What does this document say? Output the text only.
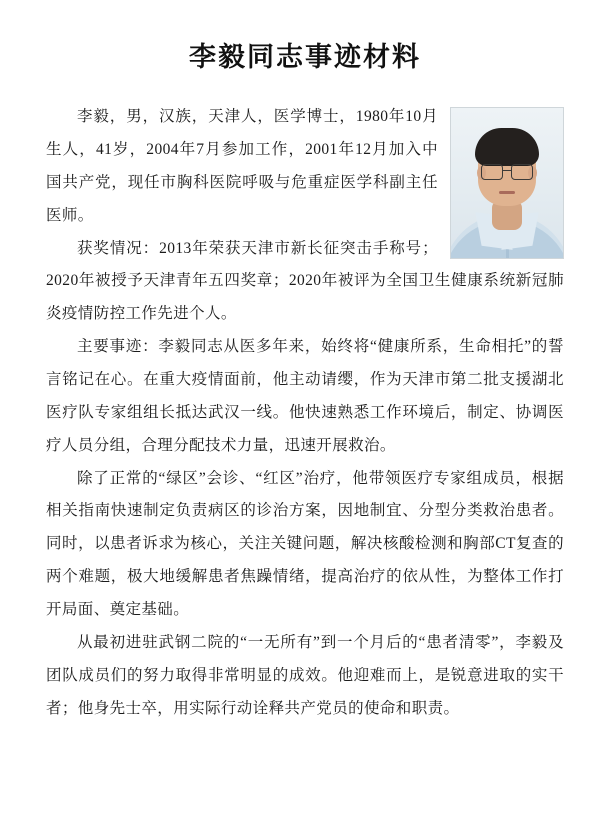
李毅同志事迹材料

李毅，男，汉族，天津人，医学博士，1980年10月生人，41岁，2004年7月参加工作，2001年12月加入中国共产党，现任市胸科医院呼吸与危重症医学科副主任医师。

获奖情况：2013年荣获天津市新长征突击手称号；2020年被授予天津青年五四奖章；2020年被评为全国卫生健康系统新冠肺炎疫情防控工作先进个人。

主要事迹：李毅同志从医多年来，始终将“健康所系，生命相托”的誓言铭记在心。在重大疫情面前，他主动请缨，作为天津市第二批支援湖北医疗队专家组组长抵达武汉一线。他快速熟悉工作环境后，制定、协调医疗人员分组，合理分配技术力量，迅速开展救治。

除了正常的“绿区”会诊、“红区”治疗，他带领医疗专家组成员，根据相关指南快速制定负责病区的诊治方案，因地制宜、分型分类救治患者。同时，以患者诉求为核心，关注关键问题，解决核酸检测和胸部CT复查的两个难题，极大地缓解患者焦躁情绪，提高治疗的依从性，为整体工作打开局面、奠定基础。

从最初进驻武钢二院的“一无所有”到一个月后的“患者清零”，李毅及团队成员们的努力取得非常明显的成效。他迎难而上，是锐意进取的实干者；他身先士卒，用实际行动诠释共产党员的使命和职责。
